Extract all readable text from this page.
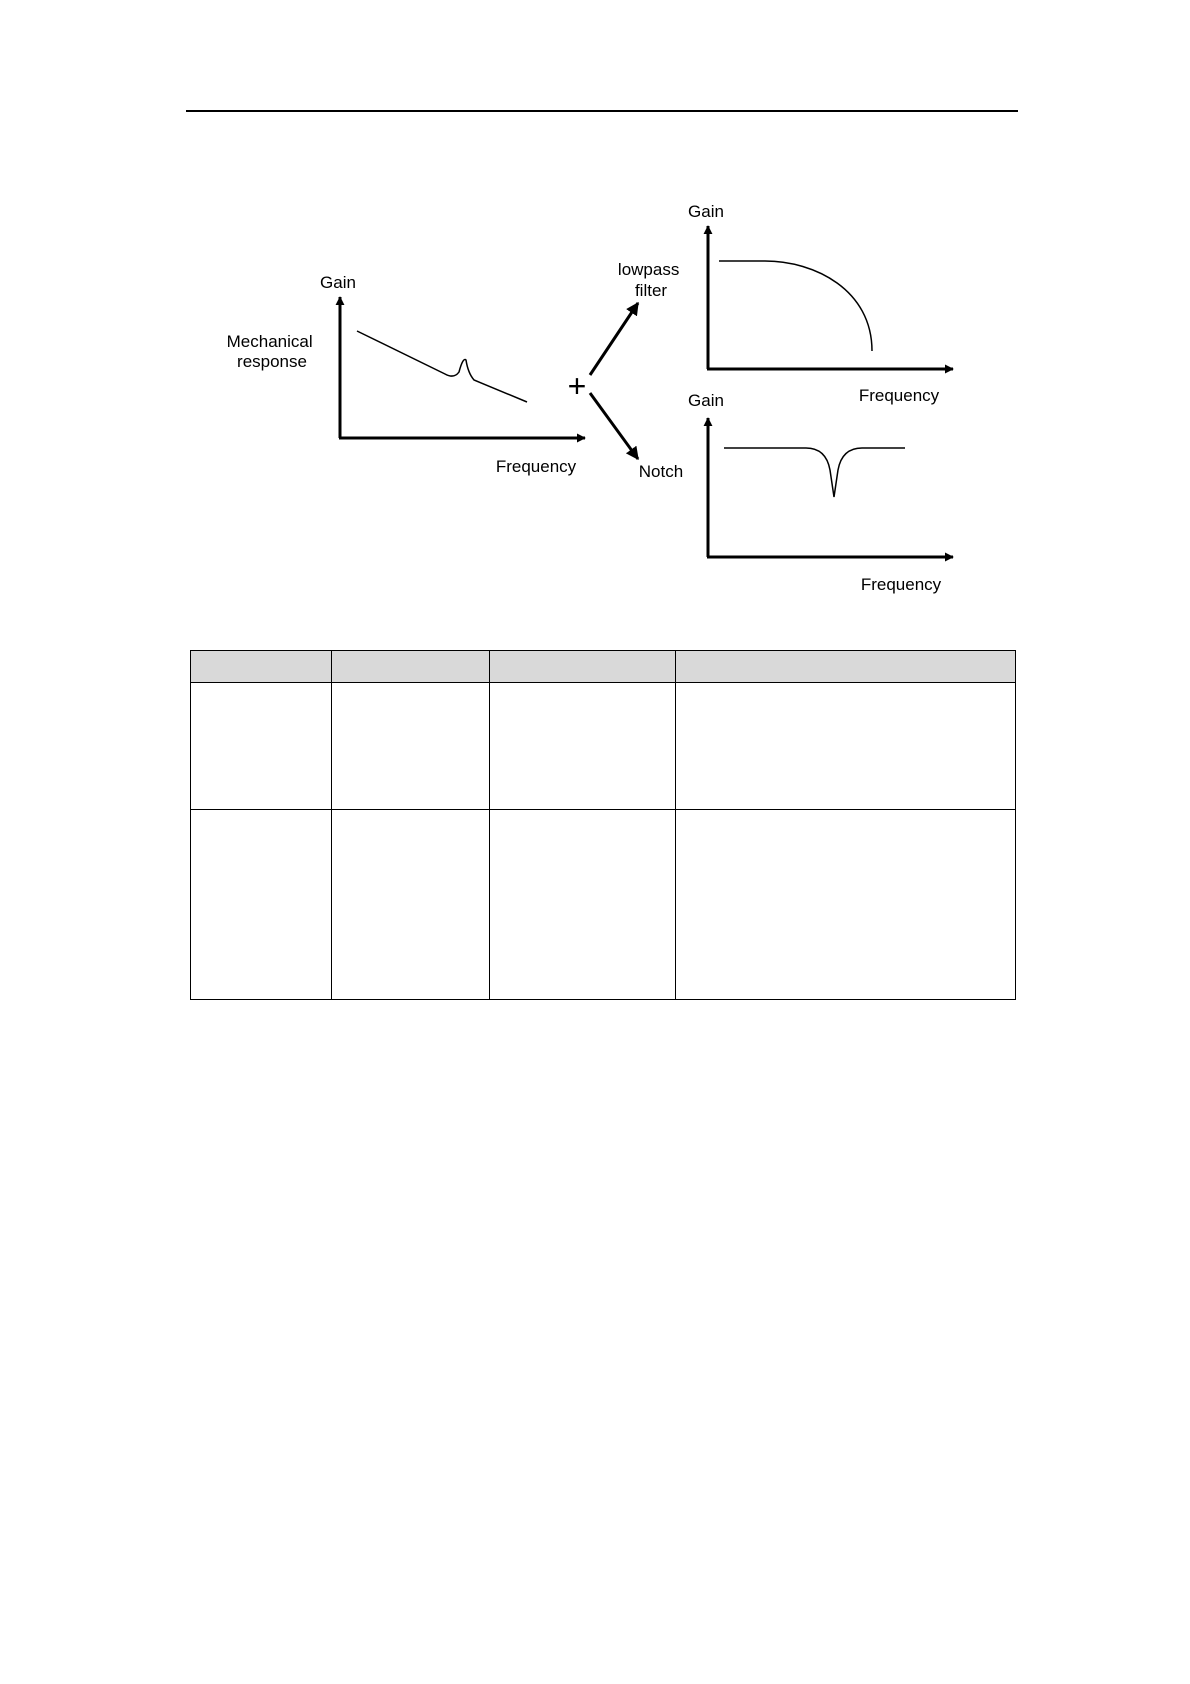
Mechanical response
Gain
Frequency
+
lowpass filter
Notch
Gain
Frequency
Gain
Frequency
